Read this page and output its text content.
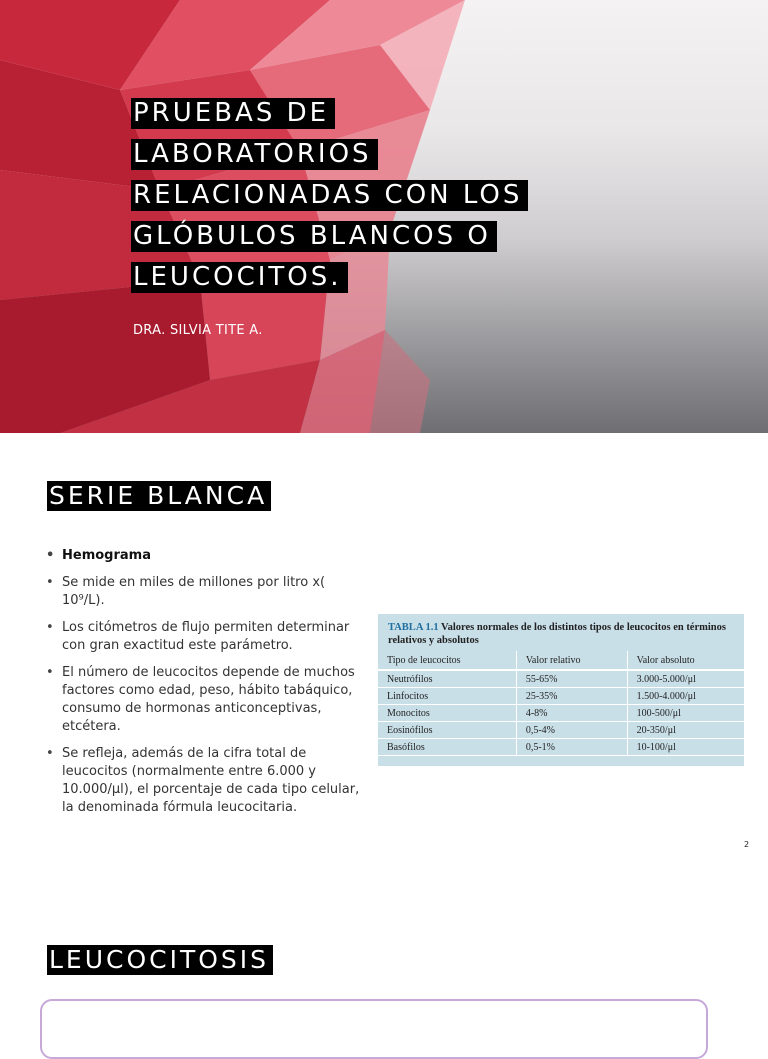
PRUEBAS DE
LABORATORIOS
RELACIONADAS CON LOS
GLÓBULOS BLANCOS O
LEUCOCITOS.
DRA. SILVIA TITE A.
SERIE BLANCA
• Hemograma
• Se mide en miles de millones por litro x( 10⁹/L).
• Los citómetros de flujo permiten determinar con gran exactitud este parámetro.
• El número de leucocitos depende de muchos factores como edad, peso, hábito tabáquico, consumo de hormonas anticonceptivas, etcétera.
• Se refleja, además de la cifra total de leucocitos (normalmente entre 6.000 y 10.000/μl), el porcentaje de cada tipo celular, la denominada fórmula leucocitaria.
TABLA 1.1 Valores normales de los distintos tipos de leucocitos en términos relativos y absolutos
Tipo de leucocitos	Valor relativo	Valor absoluto
Neutrófilos	55-65%	3.000-5.000/μl
Linfocitos	25-35%	1.500-4.000/μl
Monocitos	4-8%	100-500/μl
Eosinófilos	0,5-4%	20-350/μl
Basófilos	0,5-1%	10-100/μl
2
LEUCOCITOSIS
